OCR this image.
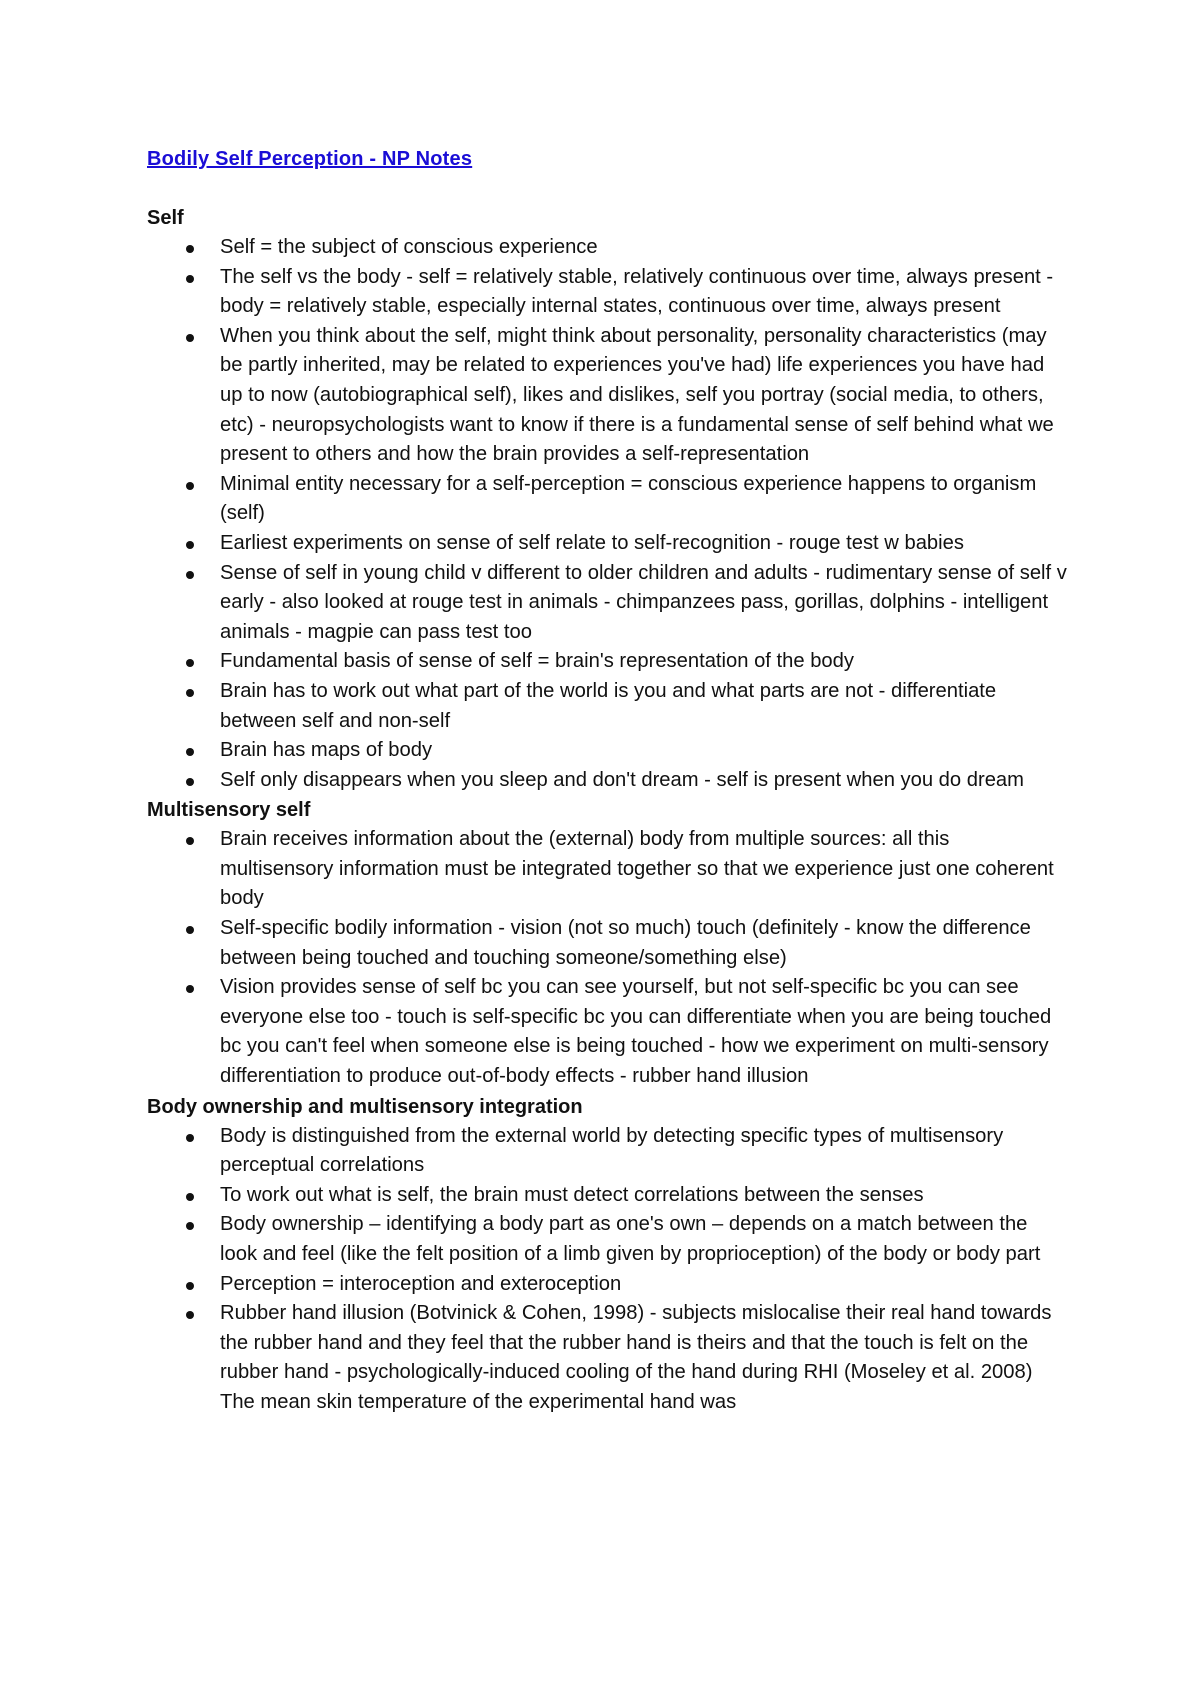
Bodily Self Perception - NP Notes
Self
Self = the subject of conscious experience
The self vs the body - self = relatively stable, relatively continuous over time, always present - body = relatively stable, especially internal states, continuous over time, always present
When you think about the self, might think about personality, personality characteristics (may be partly inherited, may be related to experiences you've had) life experiences you have had up to now (autobiographical self), likes and dislikes, self you portray (social media, to others, etc) - neuropsychologists want to know if there is a fundamental sense of self behind what we present to others and how the brain provides a self-representation
Minimal entity necessary for a self-perception = conscious experience happens to organism (self)
Earliest experiments on sense of self relate to self-recognition - rouge test w babies
Sense of self in young child v different to older children and adults - rudimentary sense of self v early - also looked at rouge test in animals - chimpanzees pass, gorillas, dolphins - intelligent animals - magpie can pass test too
Fundamental basis of sense of self = brain's representation of the body
Brain has to work out what part of the world is you and what parts are not - differentiate between self and non-self
Brain has maps of body
Self only disappears when you sleep and don't dream - self is present when you do dream
Multisensory self
Brain receives information about the (external) body from multiple sources: all this multisensory information must be integrated together so that we experience just one coherent body
Self-specific bodily information - vision (not so much) touch (definitely - know the difference between being touched and touching someone/something else)
Vision provides sense of self bc you can see yourself, but not self-specific bc you can see everyone else too - touch is self-specific bc you can differentiate when you are being touched bc you can't feel when someone else is being touched - how we experiment on multi-sensory differentiation to produce out-of-body effects - rubber hand illusion
Body ownership and multisensory integration
Body is distinguished from the external world by detecting specific types of multisensory perceptual correlations
To work out what is self, the brain must detect correlations between the senses
Body ownership – identifying a body part as one's own – depends on a match between the look and feel (like the felt position of a limb given by proprioception) of the body or body part
Perception = interoception and exteroception
Rubber hand illusion (Botvinick & Cohen, 1998) - subjects mislocalise their real hand towards the rubber hand and they feel that the rubber hand is theirs and that the touch is felt on the rubber hand - psychologically-induced cooling of the hand during RHI (Moseley et al. 2008) The mean skin temperature of the experimental hand was
